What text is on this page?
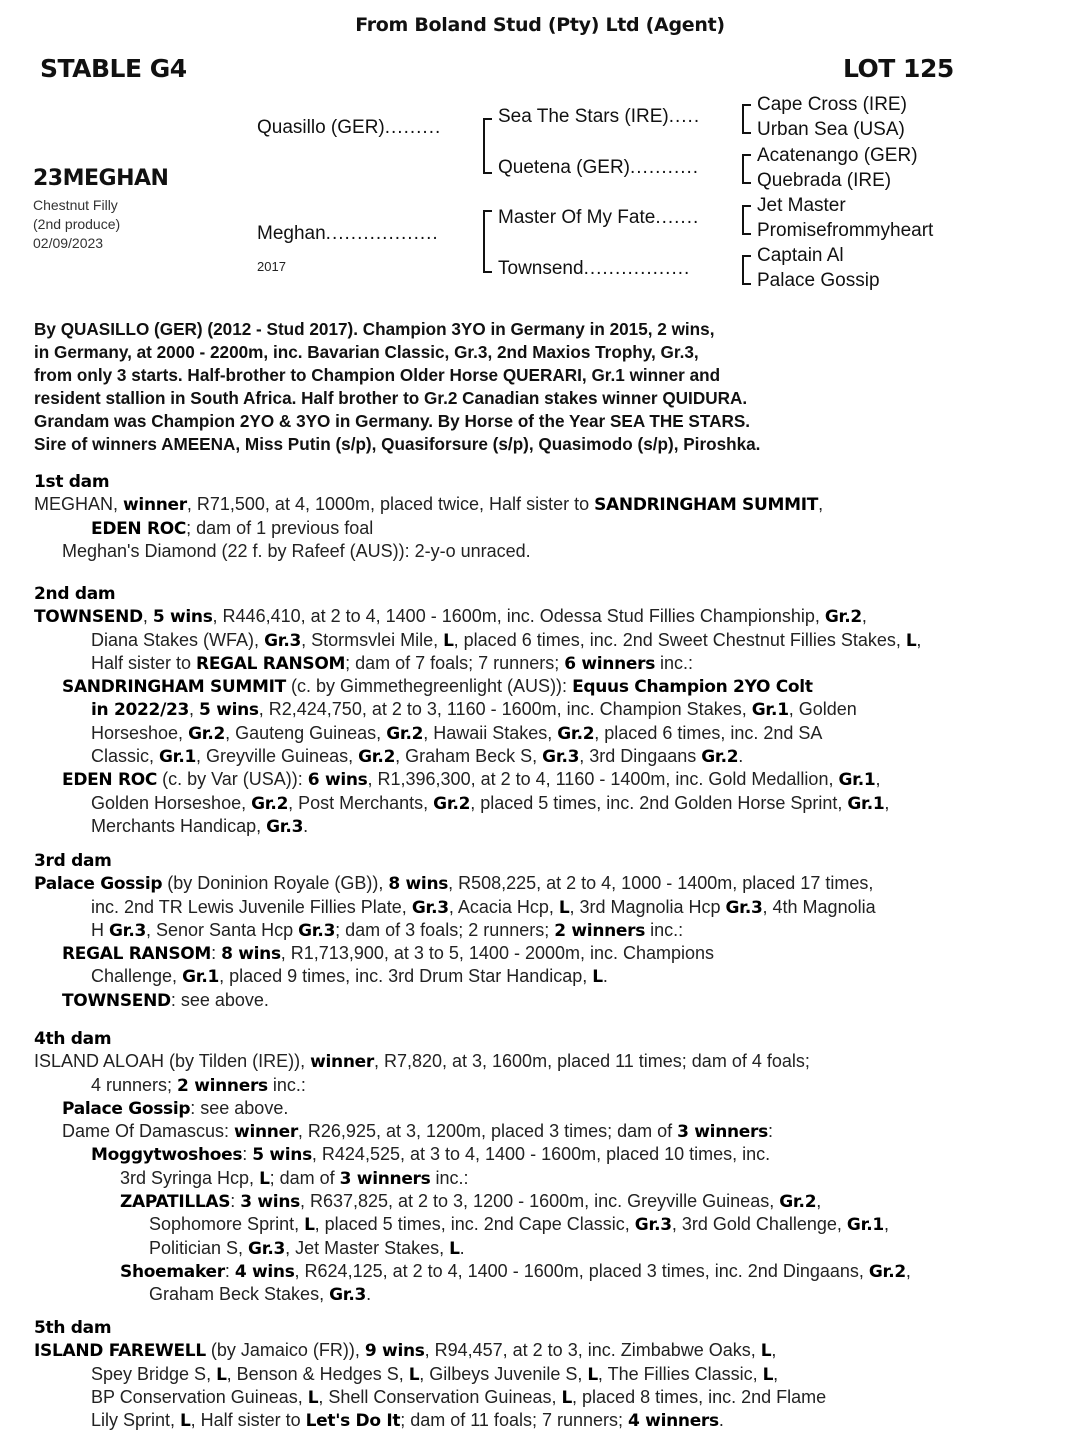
From Boland Stud (Pty) Ltd (Agent)
STABLE G4	LOT 125
23MEGHAN
Chestnut Filly
(2nd produce)
02/09/2023
Quasillo (GER).........
Meghan..................
2017
Sea The Stars (IRE).....
Quetena (GER)...........
Master Of My Fate.......
Townsend.................
Cape Cross (IRE)
Urban Sea (USA)
Acatenango (GER)
Quebrada (IRE)
Jet Master
Promisefrommyheart
Captain Al
Palace Gossip
By QUASILLO (GER) (2012 - Stud 2017). Champion 3YO in Germany in 2015, 2 wins,
in Germany, at 2000 - 2200m, inc. Bavarian Classic, Gr.3, 2nd Maxios Trophy, Gr.3,
from only 3 starts. Half-brother to Champion Older Horse QUERARI, Gr.1 winner and
resident stallion in South Africa. Half brother to Gr.2 Canadian stakes winner QUIDURA.
Grandam was Champion 2YO & 3YO in Germany. By Horse of the Year SEA THE STARS.
Sire of winners AMEENA, Miss Putin (s/p), Quasiforsure (s/p), Quasimodo (s/p), Piroshka.
1st dam
MEGHAN, winner, R71,500, at 4, 1000m, placed twice, Half sister to SANDRINGHAM SUMMIT,
EDEN ROC; dam of 1 previous foal
Meghan's Diamond (22 f. by Rafeef (AUS)): 2-y-o unraced.
2nd dam
TOWNSEND, 5 wins, R446,410, at 2 to 4, 1400 - 1600m, inc. Odessa Stud Fillies Championship, Gr.2,
Diana Stakes (WFA), Gr.3, Stormsvlei Mile, L, placed 6 times, inc. 2nd Sweet Chestnut Fillies Stakes, L,
Half sister to REGAL RANSOM; dam of 7 foals; 7 runners; 6 winners inc.:
SANDRINGHAM SUMMIT (c. by Gimmethegreenlight (AUS)): Equus Champion 2YO Colt
in 2022/23, 5 wins, R2,424,750, at 2 to 3, 1160 - 1600m, inc. Champion Stakes, Gr.1, Golden
Horseshoe, Gr.2, Gauteng Guineas, Gr.2, Hawaii Stakes, Gr.2, placed 6 times, inc. 2nd SA
Classic, Gr.1, Greyville Guineas, Gr.2, Graham Beck S, Gr.3, 3rd Dingaans Gr.2.
EDEN ROC (c. by Var (USA)): 6 wins, R1,396,300, at 2 to 4, 1160 - 1400m, inc. Gold Medallion, Gr.1,
Golden Horseshoe, Gr.2, Post Merchants, Gr.2, placed 5 times, inc. 2nd Golden Horse Sprint, Gr.1,
Merchants Handicap, Gr.3.
3rd dam
Palace Gossip (by Doninion Royale (GB)), 8 wins, R508,225, at 2 to 4, 1000 - 1400m, placed 17 times,
inc. 2nd TR Lewis Juvenile Fillies Plate, Gr.3, Acacia Hcp, L, 3rd Magnolia Hcp Gr.3, 4th Magnolia
H Gr.3, Senor Santa Hcp Gr.3; dam of 3 foals; 2 runners; 2 winners inc.:
REGAL RANSOM: 8 wins, R1,713,900, at 3 to 5, 1400 - 2000m, inc. Champions
Challenge, Gr.1, placed 9 times, inc. 3rd Drum Star Handicap, L.
TOWNSEND: see above.
4th dam
ISLAND ALOAH (by Tilden (IRE)), winner, R7,820, at 3, 1600m, placed 11 times; dam of 4 foals;
4 runners; 2 winners inc.:
Palace Gossip: see above.
Dame Of Damascus: winner, R26,925, at 3, 1200m, placed 3 times; dam of 3 winners:
Moggytwoshoes: 5 wins, R424,525, at 3 to 4, 1400 - 1600m, placed 10 times, inc.
3rd Syringa Hcp, L; dam of 3 winners inc.:
ZAPATILLAS: 3 wins, R637,825, at 2 to 3, 1200 - 1600m, inc. Greyville Guineas, Gr.2,
Sophomore Sprint, L, placed 5 times, inc. 2nd Cape Classic, Gr.3, 3rd Gold Challenge, Gr.1,
Politician S, Gr.3, Jet Master Stakes, L.
Shoemaker: 4 wins, R624,125, at 2 to 4, 1400 - 1600m, placed 3 times, inc. 2nd Dingaans, Gr.2,
Graham Beck Stakes, Gr.3.
5th dam
ISLAND FAREWELL (by Jamaico (FR)), 9 wins, R94,457, at 2 to 3, inc. Zimbabwe Oaks, L,
Spey Bridge S, L, Benson & Hedges S, L, Gilbeys Juvenile S, L, The Fillies Classic, L,
BP Conservation Guineas, L, Shell Conservation Guineas, L, placed 8 times, inc. 2nd Flame
Lily Sprint, L, Half sister to Let's Do It; dam of 11 foals; 7 runners; 4 winners.
